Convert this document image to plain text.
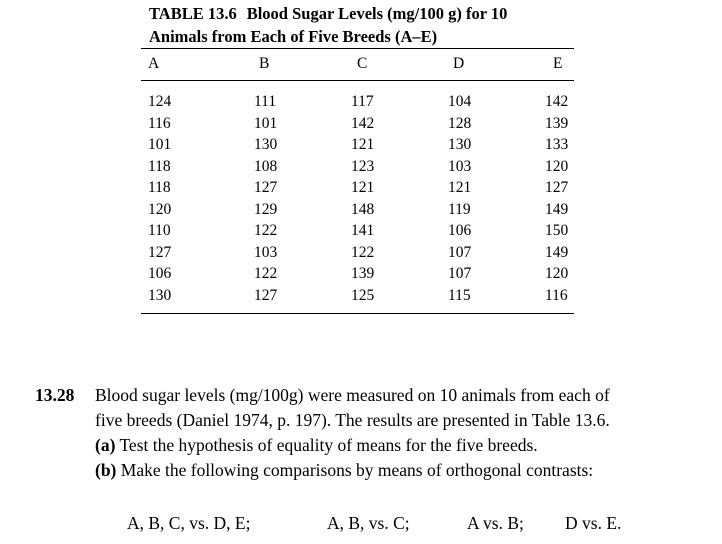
TABLE 13.6 Blood Sugar Levels (mg/100 g) for 10
Animals from Each of Five Breeds (A–E)
A	B	C	D	E
124	111	117	104	142
116	101	142	128	139
101	130	121	130	133
118	108	123	103	120
118	127	121	121	127
120	129	148	119	149
110	122	141	106	150
127	103	122	107	149
106	122	139	107	120
130	127	125	115	116
13.28 Blood sugar levels (mg/100g) were measured on 10 animals from each of
five breeds (Daniel 1974, p. 197). The results are presented in Table 13.6.
(a) Test the hypothesis of equality of means for the five breeds.
(b) Make the following comparisons by means of orthogonal contrasts:
A, B, C, vs. D, E;	A, B, vs. C;	A vs. B; D vs. E.
